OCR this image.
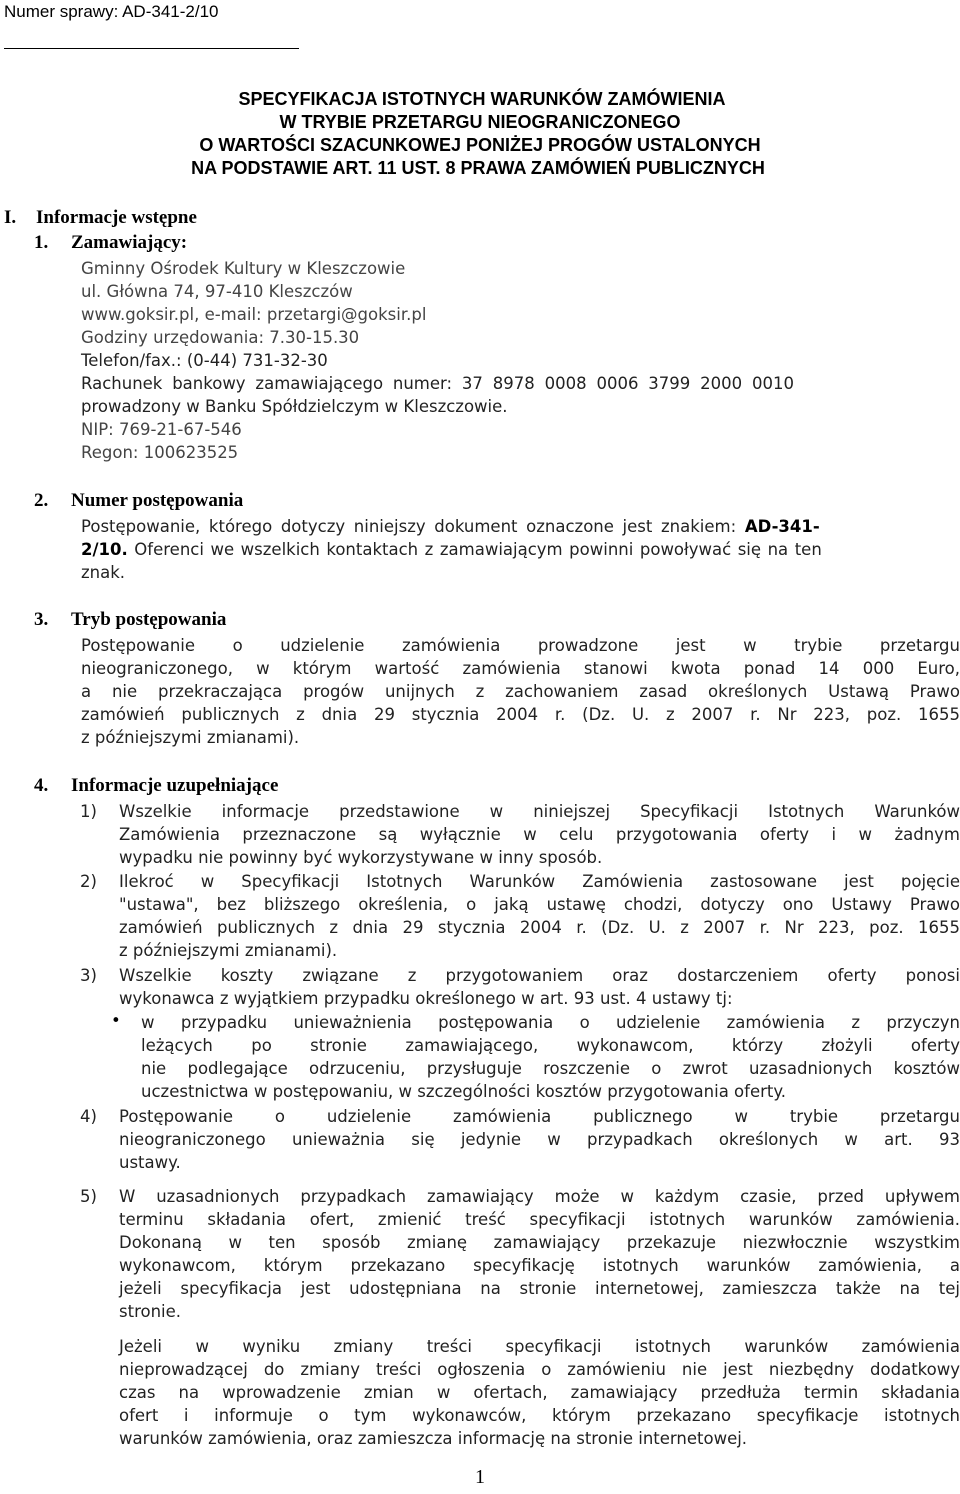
Numer sprawy: AD-341-2/10
SPECYFIKACJA ISTOTNYCH WARUNKÓW ZAMÓWIENIA
W TRYBIE PRZETARGU NIEOGRANICZONEGO
O WARTOŚCI SZACUNKOWEJ PONIŻEJ PROGÓW USTALONYCH
NA PODSTAWIE ART. 11 UST. 8 PRAWA ZAMÓWIEŃ PUBLICZNYCH
I. Informacje wstępne
1. Zamawiający:
Gminny Ośrodek Kultury w Kleszczowie
ul. Główna 74, 97-410 Kleszczów
www.goksir.pl, e-mail: przetargi@goksir.pl
Godziny urzędowania: 7.30-15.30
Telefon/fax.: (0-44) 731-32-30
Rachunek bankowy zamawiającego numer: 37 8978 0008 0006 3799 2000 0010
prowadzony w Banku Spółdzielczym w Kleszczowie.
NIP: 769-21-67-546
Regon: 100623525
2. Numer postępowania
Postępowanie, którego dotyczy niniejszy dokument oznaczone jest znakiem: AD-341-
2/10. Oferenci we wszelkich kontaktach z zamawiającym powinni powoływać się na ten
znak.
3. Tryb postępowania
Postępowanie o udzielenie zamówienia prowadzone jest w trybie przetargu
nieograniczonego, w którym wartość zamówienia stanowi kwota ponad 14 000 Euro,
a nie przekraczająca progów unijnych z zachowaniem zasad określonych Ustawą Prawo
zamówień publicznych z dnia 29 stycznia 2004 r. (Dz. U. z 2007 r. Nr 223, poz. 1655
z późniejszymi zmianami).
4. Informacje uzupełniające
1) Wszelkie informacje przedstawione w niniejszej Specyfikacji Istotnych Warunków
Zamówienia przeznaczone są wyłącznie w celu przygotowania oferty i w żadnym
wypadku nie powinny być wykorzystywane w inny sposób.
2) Ilekroć w Specyfikacji Istotnych Warunków Zamówienia zastosowane jest pojęcie
"ustawa", bez bliższego określenia, o jaką ustawę chodzi, dotyczy ono Ustawy Prawo
zamówień publicznych z dnia 29 stycznia 2004 r. (Dz. U. z 2007 r. Nr 223, poz. 1655
z późniejszymi zmianami).
3) Wszelkie koszty związane z przygotowaniem oraz dostarczeniem oferty ponosi
wykonawca z wyjątkiem przypadku określonego w art. 93 ust. 4 ustawy tj:
• w przypadku unieważnienia postępowania o udzielenie zamówienia z przyczyn
leżących po stronie zamawiającego, wykonawcom, którzy złożyli oferty
nie podlegające odrzuceniu, przysługuje roszczenie o zwrot uzasadnionych kosztów
uczestnictwa w postępowaniu, w szczególności kosztów przygotowania oferty.
4) Postępowanie o udzielenie zamówienia publicznego w trybie przetargu
nieograniczonego unieważnia się jedynie w przypadkach określonych w art. 93
ustawy.
5) W uzasadnionych przypadkach zamawiający może w każdym czasie, przed upływem
terminu składania ofert, zmienić treść specyfikacji istotnych warunków zamówienia.
Dokonaną w ten sposób zmianę zamawiający przekazuje niezwłocznie wszystkim
wykonawcom, którym przekazano specyfikację istotnych warunków zamówienia, a
jeżeli specyfikacja jest udostępniana na stronie internetowej, zamieszcza także na tej
stronie.
Jeżeli w wyniku zmiany treści specyfikacji istotnych warunków zamówienia
nieprowadzącej do zmiany treści ogłoszenia o zamówieniu nie jest niezbędny dodatkowy
czas na wprowadzenie zmian w ofertach, zamawiający przedłuża termin składania
ofert i informuje o tym wykonawców, którym przekazano specyfikacje istotnych
warunków zamówienia, oraz zamieszcza informację na stronie internetowej.
1
